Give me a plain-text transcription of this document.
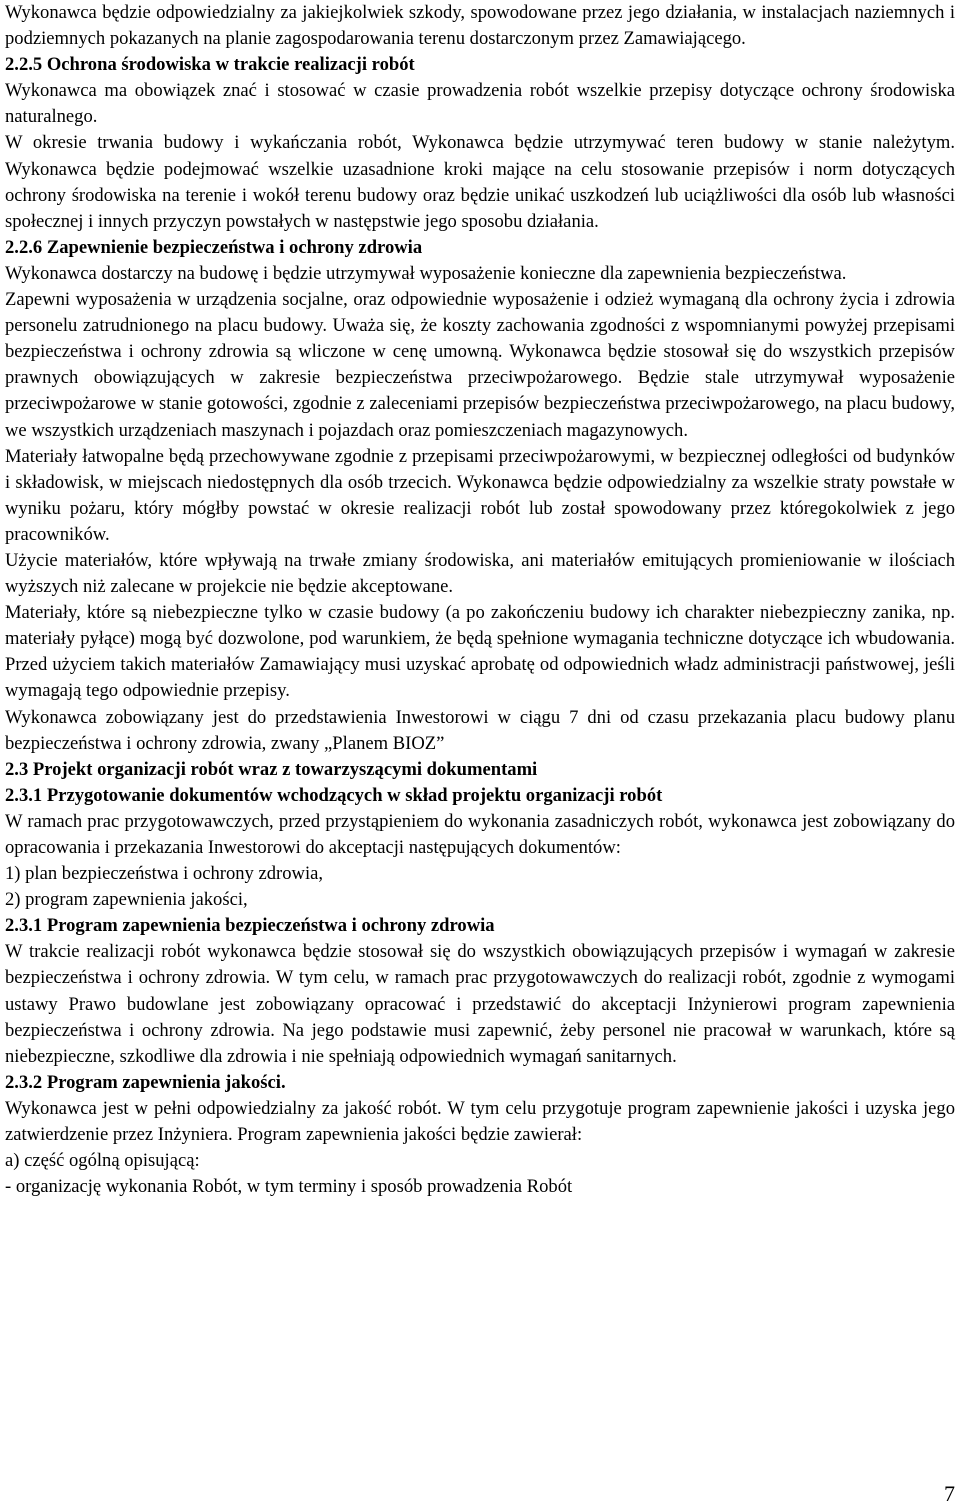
Wykonawca będzie odpowiedzialny za jakiejkolwiek szkody, spowodowane przez jego działania, w instalacjach naziemnych i podziemnych pokazanych na planie zagospodarowania terenu dostarczonym przez Zamawiającego.

2.2.5 Ochrona środowiska w trakcie realizacji robót

Wykonawca ma obowiązek znać i stosować w czasie prowadzenia robót wszelkie przepisy dotyczące ochrony środowiska naturalnego.

W okresie trwania budowy i wykańczania robót, Wykonawca będzie utrzymywać teren budowy w stanie należytym. Wykonawca będzie podejmować wszelkie uzasadnione kroki mające na celu stosowanie przepisów i norm dotyczących ochrony środowiska na terenie i wokół terenu budowy oraz będzie unikać uszkodzeń lub uciążliwości dla osób lub własności społecznej i innych przyczyn powstałych w następstwie jego sposobu działania.

2.2.6 Zapewnienie bezpieczeństwa i ochrony zdrowia

Wykonawca dostarczy na budowę i będzie utrzymywał wyposażenie konieczne dla zapewnienia bezpieczeństwa.

Zapewni wyposażenia w urządzenia socjalne, oraz odpowiednie wyposażenie i odzież wymaganą dla ochrony życia i zdrowia personelu zatrudnionego na placu budowy. Uważa się, że koszty zachowania zgodności z wspomnianymi powyżej przepisami bezpieczeństwa i ochrony zdrowia są wliczone w cenę umowną. Wykonawca będzie stosował się do wszystkich przepisów prawnych obowiązujących w zakresie bezpieczeństwa przeciwpożarowego. Będzie stale utrzymywał wyposażenie przeciwpożarowe w stanie gotowości, zgodnie z zaleceniami przepisów bezpieczeństwa przeciwpożarowego, na placu budowy, we wszystkich urządzeniach maszynach i pojazdach oraz pomieszczeniach magazynowych.

Materiały łatwopalne będą przechowywane zgodnie z przepisami przeciwpożarowymi, w bezpiecznej odległości od budynków i składowisk, w miejscach niedostępnych dla osób trzecich. Wykonawca będzie odpowiedzialny za wszelkie straty powstałe w wyniku pożaru, który mógłby powstać w okresie realizacji robót lub został spowodowany przez któregokolwiek z jego pracowników.

Użycie materiałów, które wpływają na trwałe zmiany środowiska, ani materiałów emitujących promieniowanie w ilościach wyższych niż zalecane w projekcie nie będzie akceptowane.

Materiały, które są niebezpieczne tylko w czasie budowy (a po zakończeniu budowy ich charakter niebezpieczny zanika, np. materiały pyłące) mogą być dozwolone, pod warunkiem, że będą spełnione wymagania techniczne dotyczące ich wbudowania. Przed użyciem takich materiałów Zamawiający musi uzyskać aprobatę od odpowiednich władz administracji państwowej, jeśli wymagają tego odpowiednie przepisy.

Wykonawca zobowiązany jest do przedstawienia Inwestorowi w ciągu 7 dni od czasu przekazania placu budowy planu bezpieczeństwa i ochrony zdrowia, zwany „Planem BIOZ”

2.3 Projekt organizacji robót wraz z towarzyszącymi dokumentami

2.3.1 Przygotowanie dokumentów wchodzących w skład projektu organizacji robót

W ramach prac przygotowawczych, przed przystąpieniem do wykonania zasadniczych robót, wykonawca jest zobowiązany do opracowania i przekazania Inwestorowi do akceptacji następujących dokumentów:

1) plan bezpieczeństwa i ochrony zdrowia,

2) program zapewnienia jakości,

2.3.1 Program zapewnienia bezpieczeństwa i ochrony zdrowia

W trakcie realizacji robót wykonawca będzie stosował się do wszystkich obowiązujących przepisów i wymagań w zakresie bezpieczeństwa i ochrony zdrowia. W tym celu, w ramach prac przygotowawczych do realizacji robót, zgodnie z wymogami ustawy Prawo budowlane jest zobowiązany opracować i przedstawić do akceptacji Inżynierowi program zapewnienia bezpieczeństwa i ochrony zdrowia. Na jego podstawie musi zapewnić, żeby personel nie pracował w warunkach, które są niebezpieczne, szkodliwe dla zdrowia i nie spełniają odpowiednich wymagań sanitarnych.

2.3.2 Program zapewnienia jakości.

Wykonawca jest w pełni odpowiedzialny za jakość robót. W tym celu przygotuje program zapewnienie jakości i uzyska jego zatwierdzenie przez Inżyniera. Program zapewnienia jakości będzie zawierał:

a) część ogólną opisującą:

- organizację wykonania Robót, w tym terminy i sposób prowadzenia Robót

7
